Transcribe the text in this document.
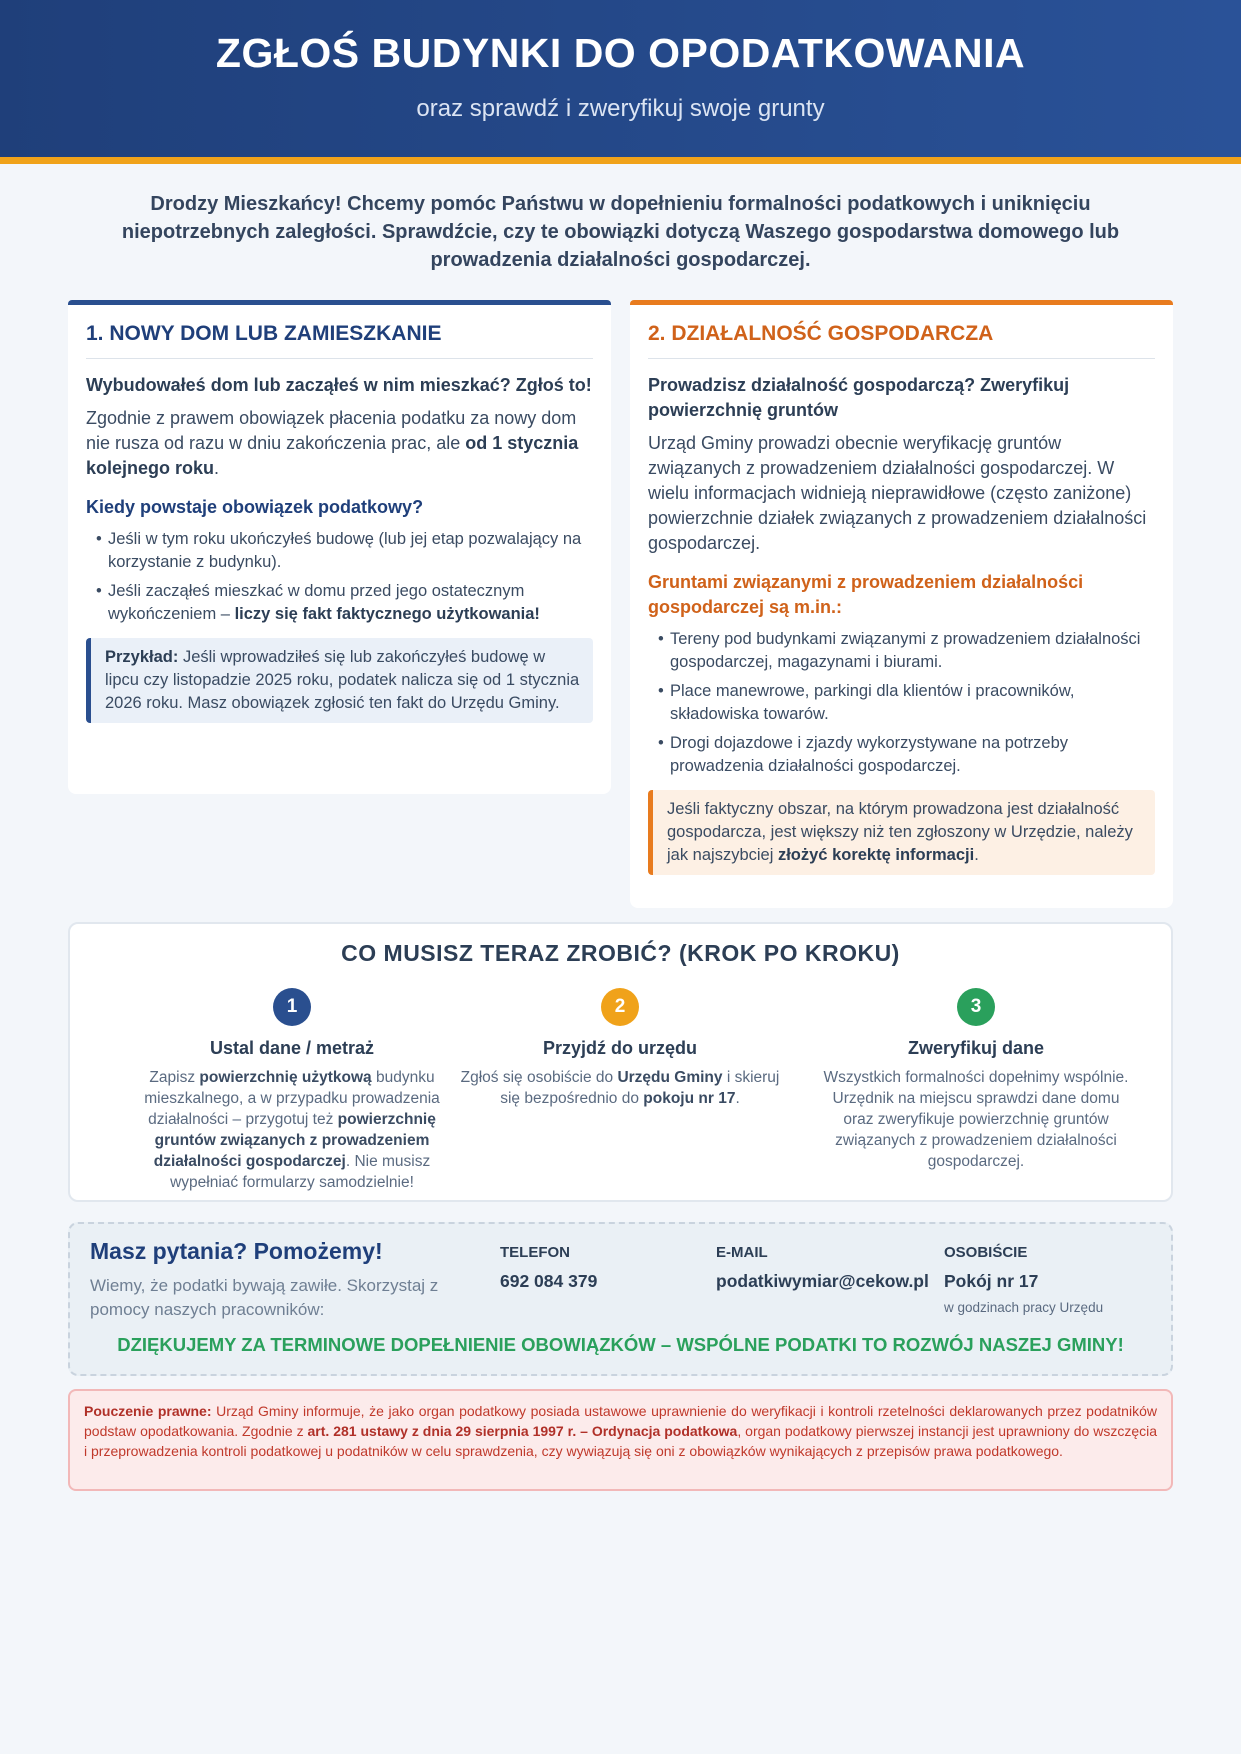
ZGŁOŚ BUDYNKI DO OPODATKOWANIA
oraz sprawdź i zweryfikuj swoje grunty
Drodzy Mieszkańcy! Chcemy pomóc Państwu w dopełnieniu formalności podatkowych i uniknięciu niepotrzebnych zaległości. Sprawdźcie, czy te obowiązki dotyczą Waszego gospodarstwa domowego lub prowadzenia działalności gospodarczej.
1. NOWY DOM LUB ZAMIESZKANIE

Wybudowałeś dom lub zacząłeś w nim mieszkać? Zgłoś to!

Zgodnie z prawem obowiązek płacenia podatku za nowy dom nie rusza od razu w dniu zakończenia prac, ale od 1 stycznia kolejnego roku.

Kiedy powstaje obowiązek podatkowy?

• Jeśli w tym roku ukończyłeś budowę (lub jej etap pozwalający na korzystanie z budynku).
• Jeśli zacząłeś mieszkać w domu przed jego ostatecznym wykończeniem – liczy się fakt faktycznego użytkowania!
Przykład: Jeśli wprowadziłeś się lub zakończyłeś budowę w lipcu czy listopadzie 2025 roku, podatek nalicza się od 1 stycznia 2026 roku. Masz obowiązek zgłosić ten fakt do Urzędu Gminy.
2. DZIAŁALNOŚĆ GOSPODARCZA

Prowadzisz działalność gospodarczą? Zweryfikuj powierzchnię gruntów

Urząd Gminy prowadzi obecnie weryfikację gruntów związanych z prowadzeniem działalności gospodarczej. W wielu informacjach widnieją nieprawidłowe (często zaniżone) powierzchnie działek związanych z prowadzeniem działalności gospodarczej.

Gruntami związanymi z prowadzeniem działalności gospodarczej są m.in.:

• Tereny pod budynkami związanymi z prowadzeniem działalności gospodarczej, magazynami i biurami.
• Place manewrowe, parkingi dla klientów i pracowników, składowiska towarów.
• Drogi dojazdowe i zjazdy wykorzystywane na potrzeby prowadzenia działalności gospodarczej.
Jeśli faktyczny obszar, na którym prowadzona jest działalność gospodarcza, jest większy niż ten zgłoszony w Urzędzie, należy jak najszybciej złożyć korektę informacji.
CO MUSISZ TERAZ ZROBIĆ? (KROK PO KROKU)
1
Ustal dane / metraż
Zapisz powierzchnię użytkową budynku mieszkalnego, a w przypadku prowadzenia działalności – przygotuj też powierzchnię gruntów związanych z prowadzeniem działalności gospodarczej. Nie musisz wypełniać formularzy samodzielnie!
2
Przyjdź do urzędu
Zgłoś się osobiście do Urzędu Gminy i skieruj się bezpośrednio do pokoju nr 17.
3
Zweryfikuj dane
Wszystkich formalności dopełnimy wspólnie. Urzędnik na miejscu sprawdzi dane domu oraz zweryfikuje powierzchnię gruntów związanych z prowadzeniem działalności gospodarczej.
Masz pytania? Pomożemy!
Wiemy, że podatki bywają zawiłe. Skorzystaj z pomocy naszych pracowników:
TELEFON
692 084 379
E-MAIL
podatkiwymiar@cekow.pl
OSOBIŚCIE
Pokój nr 17
w godzinach pracy Urzędu
DZIĘKUJEMY ZA TERMINOWE DOPEŁNIENIE OBOWIĄZKÓW – WSPÓLNE PODATKI TO ROZWÓJ NASZEJ GMINY!
Pouczenie prawne: Urząd Gminy informuje, że jako organ podatkowy posiada ustawowe uprawnienie do weryfikacji i kontroli rzetelności deklarowanych przez podatników podstaw opodatkowania. Zgodnie z art. 281 ustawy z dnia 29 sierpnia 1997 r. – Ordynacja podatkowa, organ podatkowy pierwszej instancji jest uprawniony do wszczęcia i przeprowadzenia kontroli podatkowej u podatników w celu sprawdzenia, czy wywiązują się oni z obowiązków wynikających z przepisów prawa podatkowego.
